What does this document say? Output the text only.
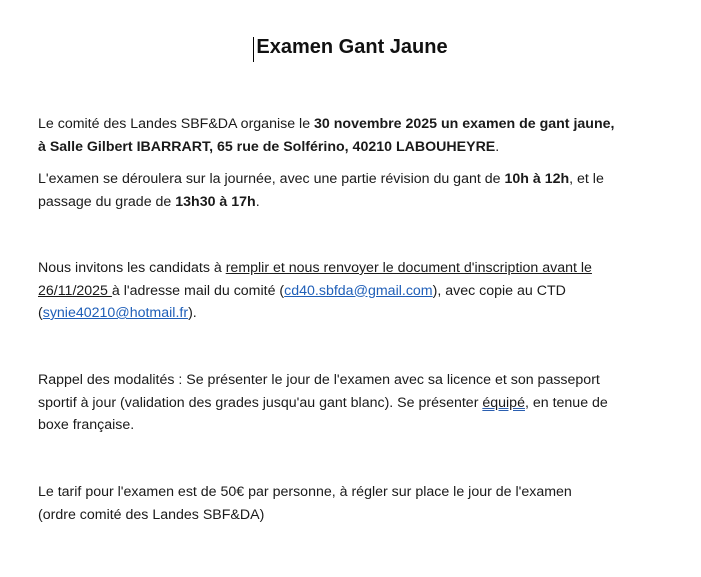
Examen Gant Jaune
Le comité des Landes SBF&DA organise le 30 novembre 2025 un examen de gant jaune,
à Salle Gilbert IBARRART, 65 rue de Solférino, 40210 LABOUHEYRE.
L'examen se déroulera sur la journée, avec une partie révision du gant de 10h à 12h, et le
passage du grade de 13h30 à 17h.
Nous invitons les candidats à remplir et nous renvoyer le document d'inscription avant le
26/11/2025 à l'adresse mail du comité (cd40.sbfda@gmail.com), avec copie au CTD
(synie40210@hotmail.fr).
Rappel des modalités : Se présenter le jour de l'examen avec sa licence et son passeport
sportif à jour (validation des grades jusqu'au gant blanc). Se présenter équipé, en tenue de
boxe française.
Le tarif pour l'examen est de 50€ par personne, à régler sur place le jour de l'examen
(ordre comité des Landes SBF&DA)
